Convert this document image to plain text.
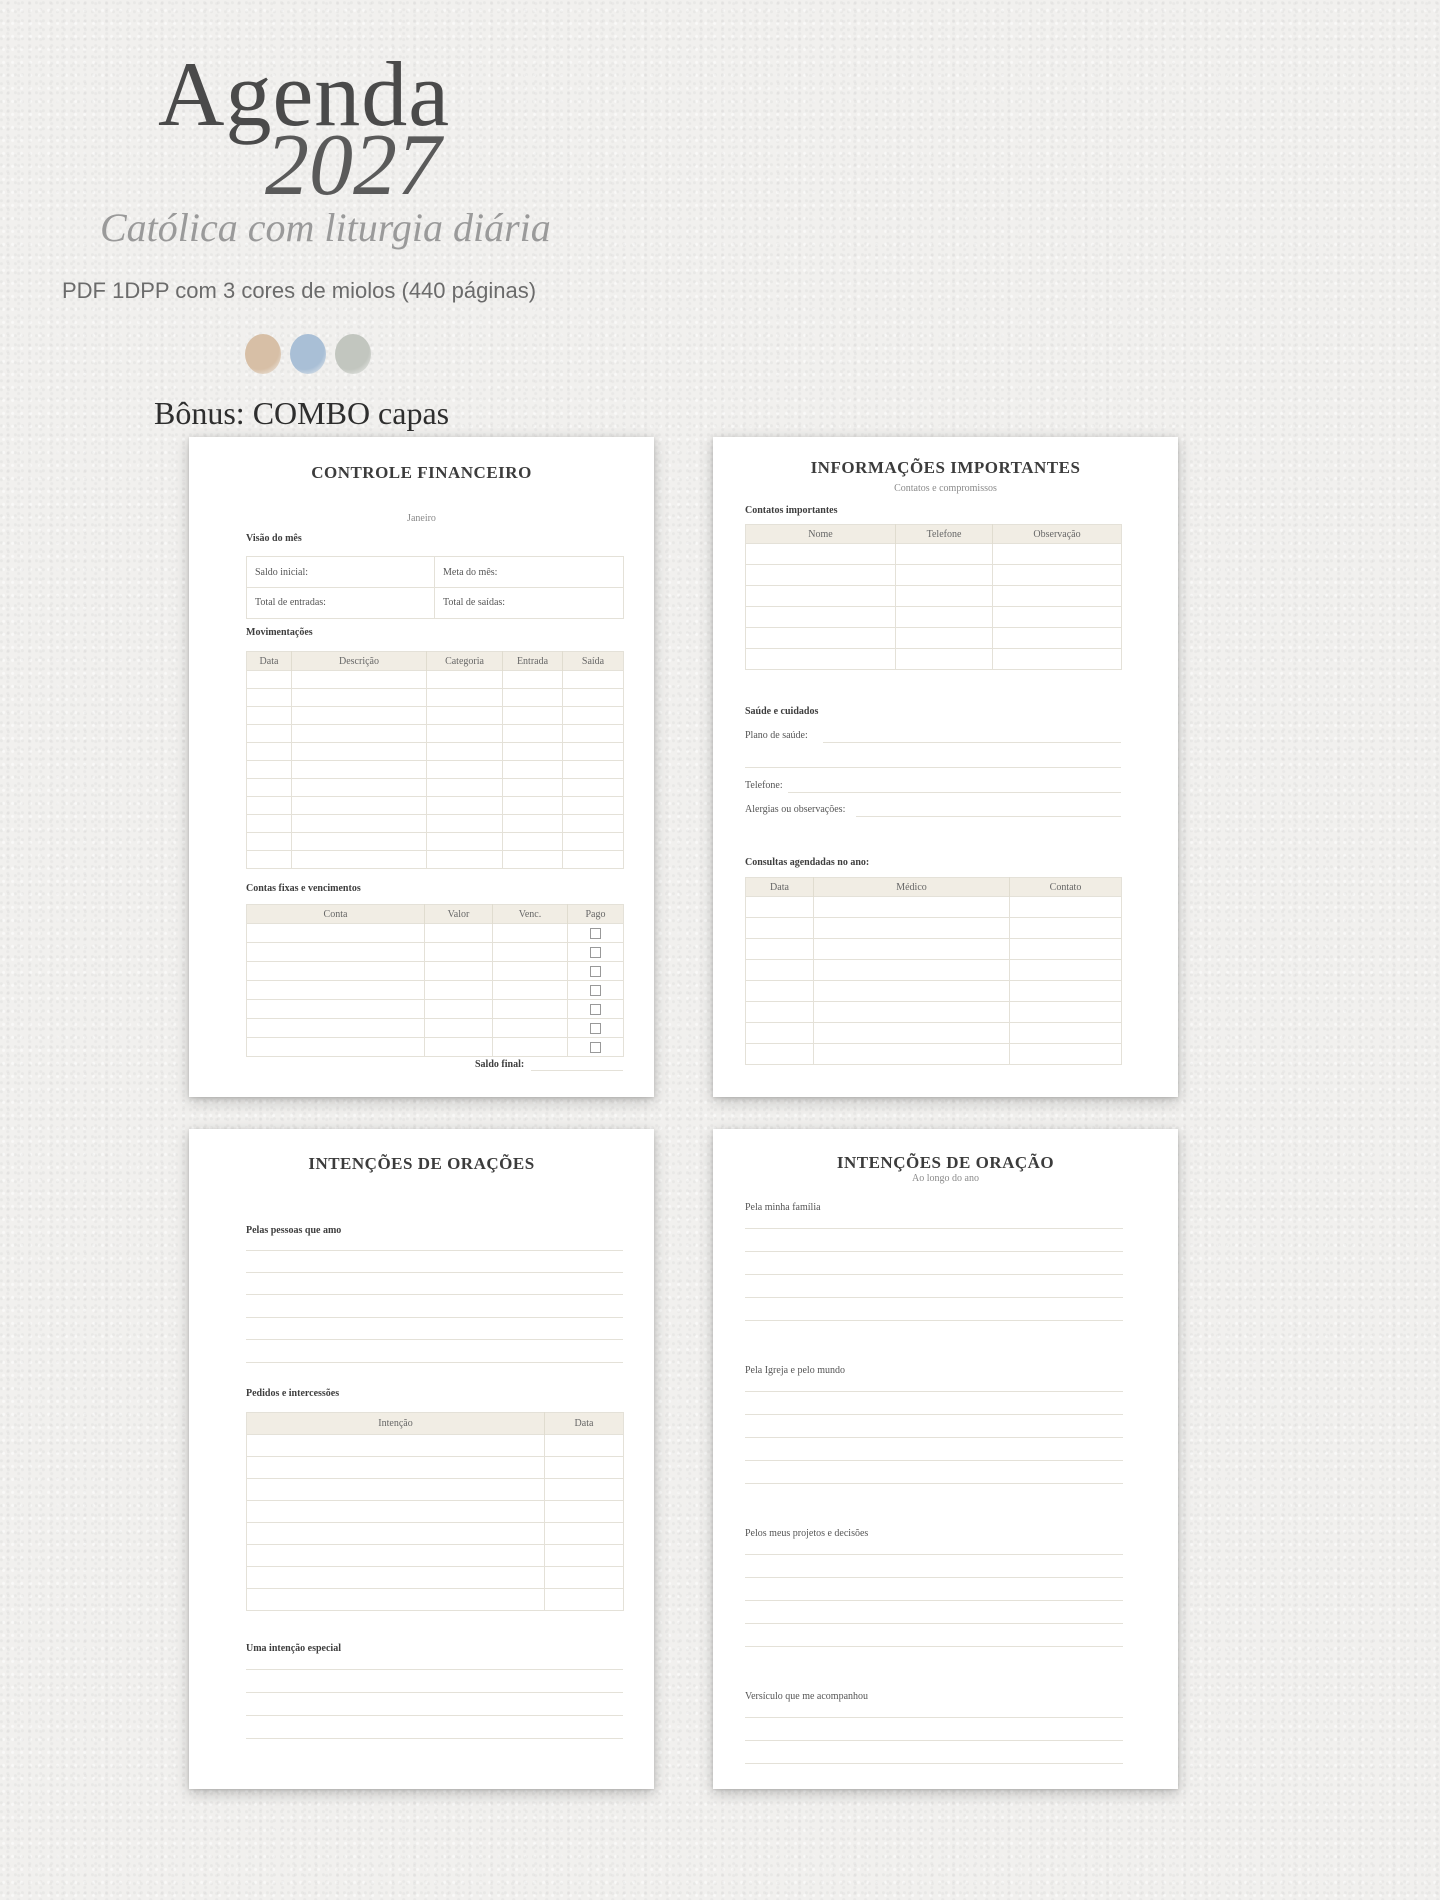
Agenda
2027
Católica com liturgia diária
PDF 1DPP com 3 cores de miolos (440 páginas)
Bônus: COMBO capas
CONTROLE FINANCEIRO
Janeiro
Visão do mês
Saldo inicial:	Meta do mês:
Total de entradas:	Total de saídas:
Movimentações
Data	Descrição	Categoria	Entrada	Saída

Contas fixas e vencimentos
Conta	Valor	Venc.	Pago

Saldo final:
INFORMAÇÕES IMPORTANTES
Contatos e compromissos
Contatos importantes
Nome	Telefone	Observação

Saúde e cuidados
Plano de saúde:
Telefone:
Alergias ou observações:
Consultas agendadas no ano:
Data	Médico	Contato

INTENÇÕES DE ORAÇÕES
Pelas pessoas que amo
Pedidos e intercessões
Intenção	Data

Uma intenção especial
INTENÇÕES DE ORAÇÃO
Ao longo do ano
Pela minha família
Pela Igreja e pelo mundo
Pelos meus projetos e decisões
Versículo que me acompanhou
